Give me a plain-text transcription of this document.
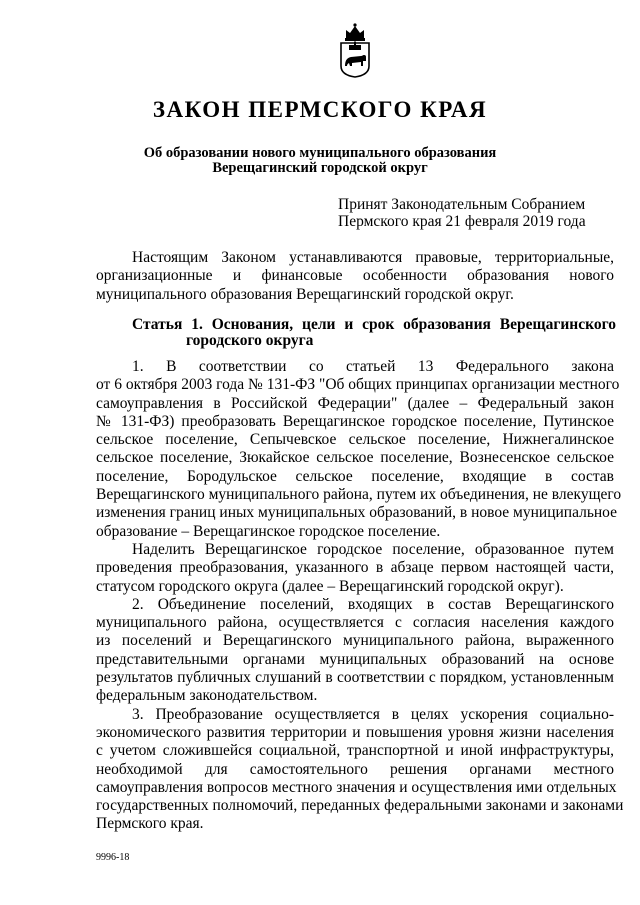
ЗАКОН ПЕРМСКОГО КРАЯ
Об образовании нового муниципального образования
Верещагинский городской округ
Принят Законодательным Собранием
Пермского края 21 февраля 2019 года
Настоящим Законом устанавливаются правовые, территориальные,
организационные и финансовые особенности образования нового
муниципального образования Верещагинский городской округ.
Статья 1. Основания, цели и срок образования Верещагинского
городского округа
1. В соответствии со статьей 13 Федерального закона
от 6 октября 2003 года № 131-ФЗ "Об общих принципах организации местного
самоуправления в Российской Федерации" (далее – Федеральный закон
№ 131-ФЗ) преобразовать Верещагинское городское поселение, Путинское
сельское поселение, Сепычевское сельское поселение, Нижнегалинское
сельское поселение, Зюкайское сельское поселение, Вознесенское сельское
поселение, Бородульское сельское поселение, входящие в состав
Верещагинского муниципального района, путем их объединения, не влекущего
изменения границ иных муниципальных образований, в новое муниципальное
образование – Верещагинское городское поселение.
Наделить Верещагинское городское поселение, образованное путем
проведения преобразования, указанного в абзаце первом настоящей части,
статусом городского округа (далее – Верещагинский городской округ).
2. Объединение поселений, входящих в состав Верещагинского
муниципального района, осуществляется с согласия населения каждого
из поселений и Верещагинского муниципального района, выраженного
представительными органами муниципальных образований на основе
результатов публичных слушаний в соответствии с порядком, установленным
федеральным законодательством.
3. Преобразование осуществляется в целях ускорения социально-
экономического развития территории и повышения уровня жизни населения
с учетом сложившейся социальной, транспортной и иной инфраструктуры,
необходимой для самостоятельного решения органами местного
самоуправления вопросов местного значения и осуществления ими отдельных
государственных полномочий, переданных федеральными законами и законами
Пермского края.
9996-18
